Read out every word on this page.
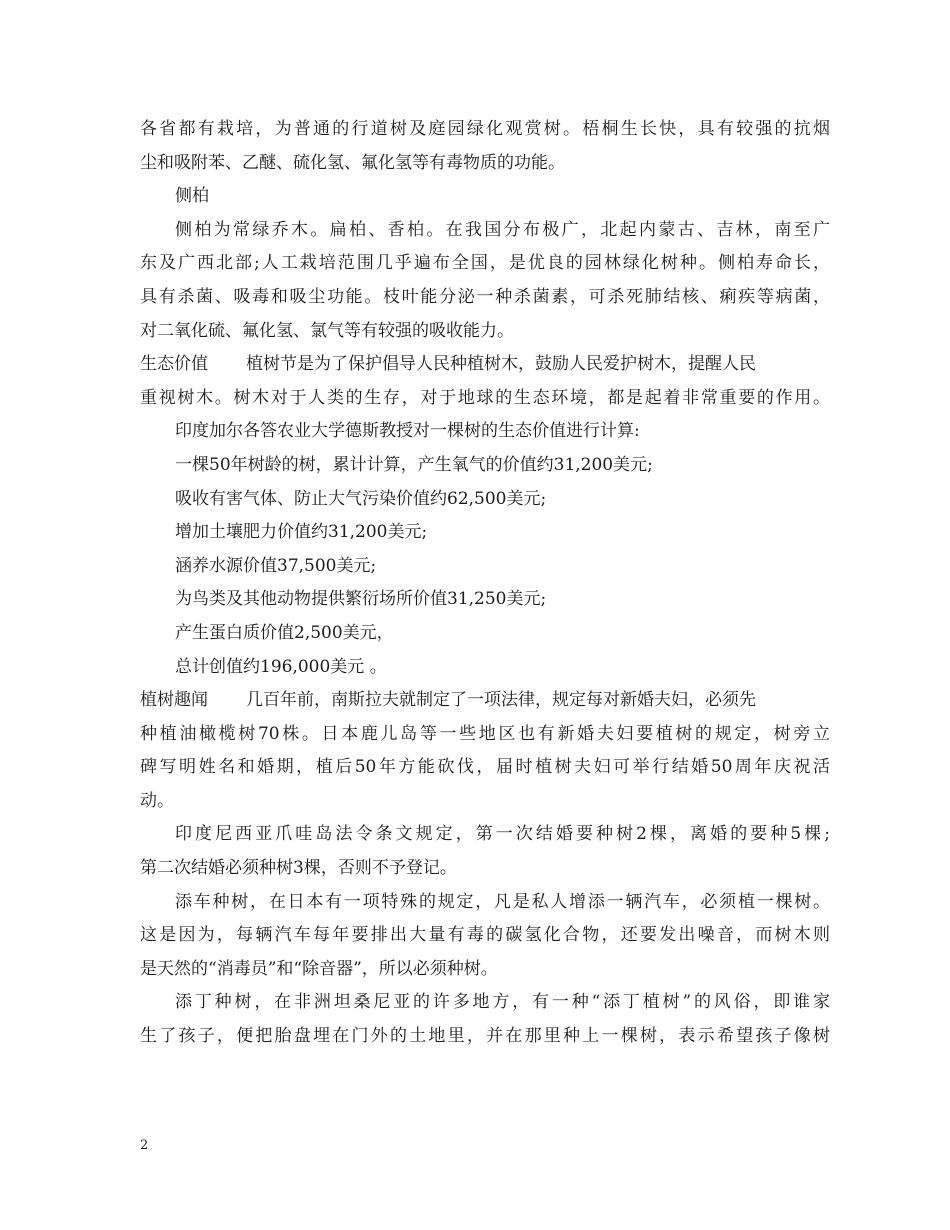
各省都有栽培，为普通的行道树及庭园绿化观赏树。梧桐生长快，具有较强的抗烟
尘和吸附苯、乙醚、硫化氢、氟化氢等有毒物质的功能。
侧柏
侧柏为常绿乔木。扁柏、香柏。在我国分布极广，北起内蒙古、吉林，南至广
东及广西北部;人工栽培范围几乎遍布全国，是优良的园林绿化树种。侧柏寿命长，
具有杀菌、吸毒和吸尘功能。枝叶能分泌一种杀菌素，可杀死肺结核、痢疾等病菌，
对二氧化硫、氟化氢、氯气等有较强的吸收能力。
生态价值 植树节是为了保护倡导人民种植树木，鼓励人民爱护树木，提醒人民
重视树木。树木对于人类的生存，对于地球的生态环境，都是起着非常重要的作用。
印度加尔各答农业大学德斯教授对一棵树的生态价值进行计算:
一棵50年树龄的树，累计计算，产生氧气的价值约31,200美元;
吸收有害气体、防止大气污染价值约62,500美元;
增加土壤肥力价值约31,200美元;
涵养水源价值37,500美元;
为鸟类及其他动物提供繁衍场所价值31,250美元;
产生蛋白质价值2,500美元，
总计创值约196,000美元 。
植树趣闻 几百年前，南斯拉夫就制定了一项法律，规定每对新婚夫妇，必须先
种植油橄榄树70株。日本鹿儿岛等一些地区也有新婚夫妇要植树的规定，树旁立
碑写明姓名和婚期，植后50年方能砍伐，届时植树夫妇可举行结婚50周年庆祝活
动。
印度尼西亚爪哇岛法令条文规定，第一次结婚要种树2棵，离婚的要种5棵;
第二次结婚必须种树3棵，否则不予登记。
添车种树，在日本有一项特殊的规定，凡是私人增添一辆汽车，必须植一棵树。
这是因为，每辆汽车每年要排出大量有毒的碳氢化合物，还要发出噪音，而树木则
是天然的“消毒员”和“除音器”，所以必须种树。
添丁种树，在非洲坦桑尼亚的许多地方，有一种“添丁植树”的风俗，即谁家
生了孩子，便把胎盘埋在门外的土地里，并在那里种上一棵树，表示希望孩子像树
2
